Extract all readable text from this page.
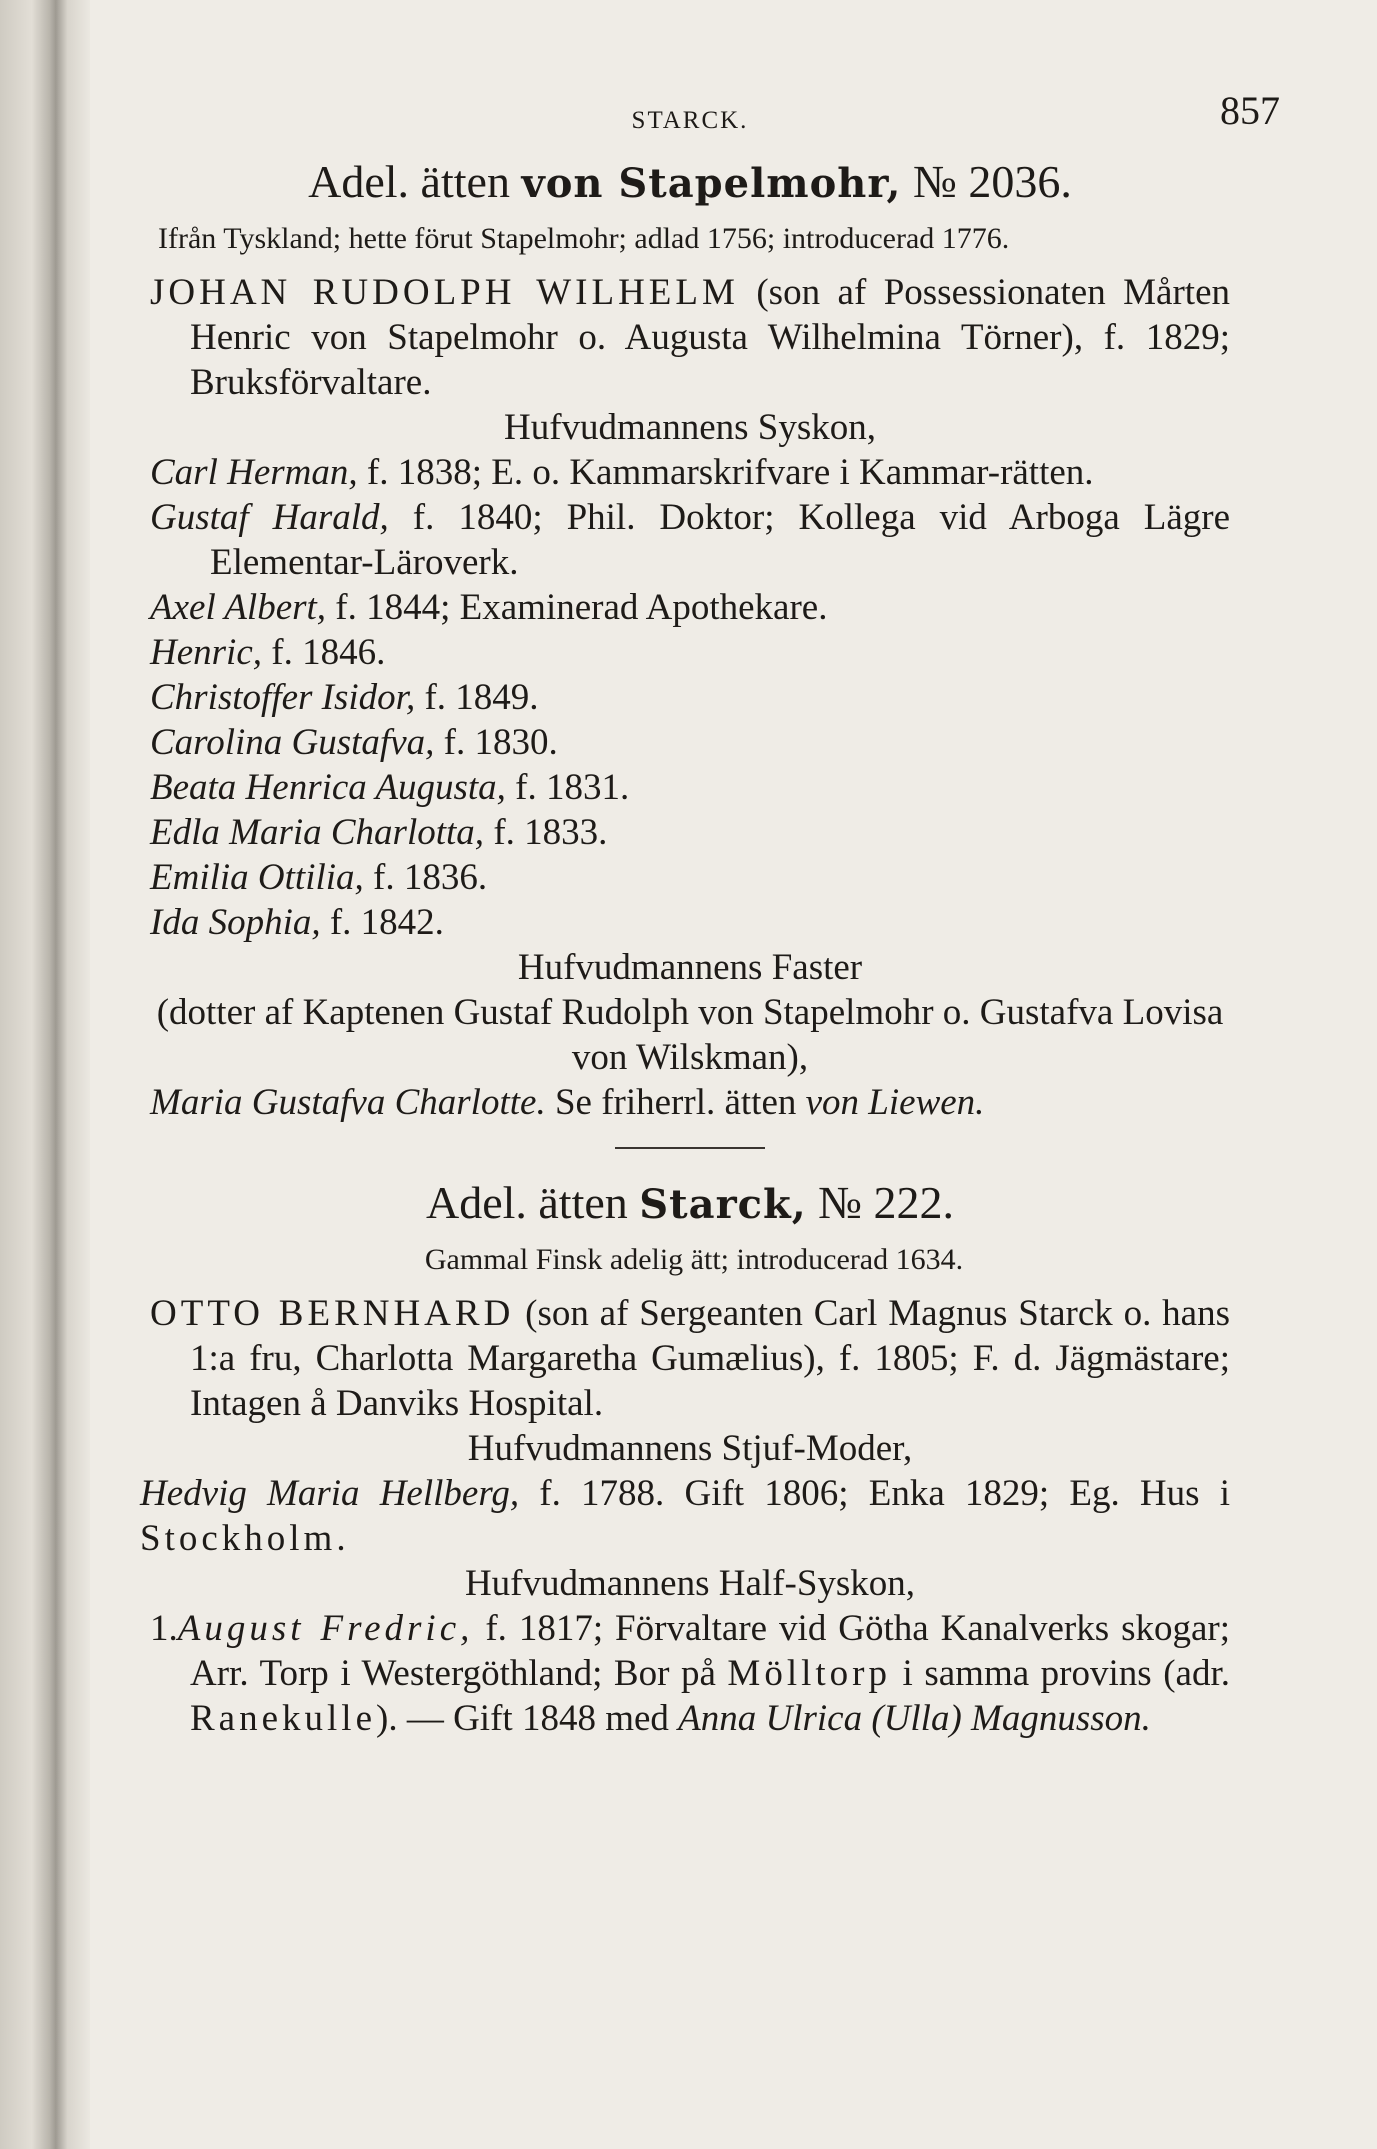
STARCK.	857
Adel. ätten von Stapelmohr, № 2036.
Ifrån Tyskland; hette förut Stapelmohr; adlad 1756; introducerad 1776.
JOHAN RUDOLPH WILHELM (son af Possessionaten Mårten Henric von Stapelmohr o. Augusta Wilhelmina Törner), f. 1829; Bruksförvaltare.
Hufvudmannens Syskon,
Carl Herman, f. 1838; E. o. Kammarskrifvare i Kammar-rätten.
Gustaf Harald, f. 1840; Phil. Doktor; Kollega vid Arboga Lägre Elementar-Läroverk.
Axel Albert, f. 1844; Examinerad Apothekare.
Henric, f. 1846.
Christoffer Isidor, f. 1849.
Carolina Gustafva, f. 1830.
Beata Henrica Augusta, f. 1831.
Edla Maria Charlotta, f. 1833.
Emilia Ottilia, f. 1836.
Ida Sophia, f. 1842.
Hufvudmannens Faster
(dotter af Kaptenen Gustaf Rudolph von Stapelmohr o. Gustafva Lovisa von Wilskman),
Maria Gustafva Charlotte. Se friherrl. ätten von Liewen.
Adel. ätten Starck, № 222.
Gammal Finsk adelig ätt; introducerad 1634.
OTTO BERNHARD (son af Sergeanten Carl Magnus Starck o. hans 1:a fru, Charlotta Margaretha Gumælius), f. 1805; F. d. Jägmästare; Intagen å Danviks Hospital.
Hufvudmannens Stjuf-Moder,
Hedvig Maria Hellberg, f. 1788. Gift 1806; Enka 1829; Eg. Hus i Stockholm.
Hufvudmannens Half-Syskon,
1.August Fredric, f. 1817; Förvaltare vid Götha Kanalverks skogar; Arr. Torp i Westergöthland; Bor på Mölltorp i samma provins (adr. Ranekulle). — Gift 1848 med Anna Ulrica (Ulla) Magnusson.
